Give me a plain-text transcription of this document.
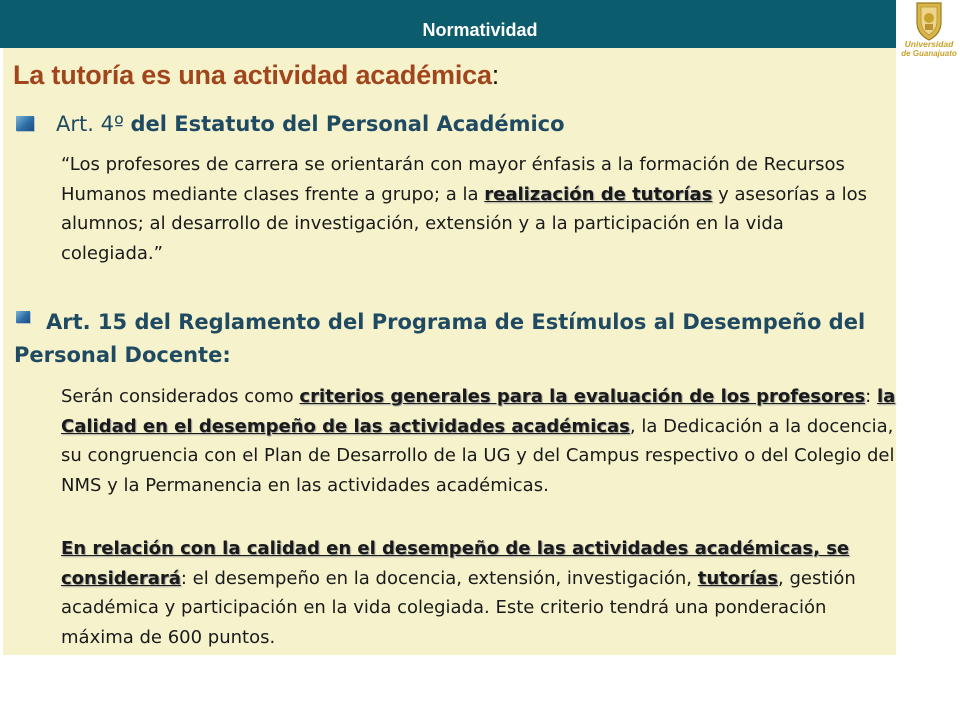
Normatividad
Universidad
de Guanajuato
La tutoría es una actividad académica:
Art. 4º del Estatuto del Personal Académico
“Los profesores de carrera se orientarán con mayor énfasis a la formación de Recursos Humanos mediante clases frente a grupo; a la realización de tutorías y asesorías a los alumnos; al desarrollo de investigación, extensión y a la participación en la vida colegiada.”
Art. 15 del Reglamento del Programa de Estímulos al Desempeño del
Personal Docente:
Serán considerados como criterios generales para la evaluación de los profesores: la Calidad en el desempeño de las actividades académicas, la Dedicación a la docencia, su congruencia con el Plan de Desarrollo de la UG y del Campus respectivo o del Colegio del NMS y la Permanencia en las actividades académicas.
En relación con la calidad en el desempeño de las actividades académicas, se considerará: el desempeño en la docencia, extensión, investigación, tutorías, gestión académica y participación en la vida colegiada. Este criterio tendrá una ponderación máxima de 600 puntos.
